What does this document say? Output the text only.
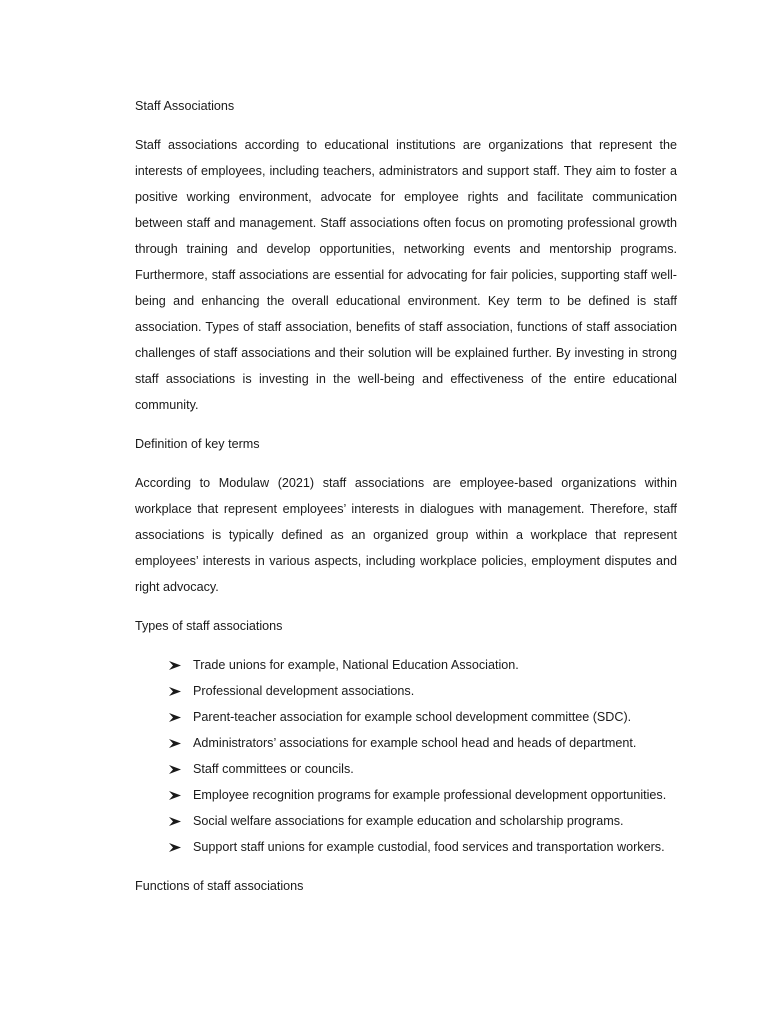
Staff Associations

Staff associations according to educational institutions are organizations that represent the interests of employees, including teachers, administrators and support staff. They aim to foster a positive working environment, advocate for employee rights and facilitate communication between staff and management. Staff associations often focus on promoting professional growth through training and develop opportunities, networking events and mentorship programs. Furthermore, staff associations are essential for advocating for fair policies, supporting staff well-being and enhancing the overall educational environment. Key term to be defined is staff association. Types of staff association, benefits of staff association, functions of staff association challenges of staff associations and their solution will be explained further. By investing in strong staff associations is investing in the well-being and effectiveness of the entire educational community.

Definition of key terms

According to Modulaw (2021) staff associations are employee-based organizations within workplace that represent employees’ interests in dialogues with management. Therefore, staff associations is typically defined as an organized group within a workplace that represent employees’ interests in various aspects, including workplace policies, employment disputes and right advocacy.

Types of staff associations

Trade unions for example, National Education Association.
Professional development associations.
Parent-teacher association for example school development committee (SDC).
Administrators’ associations for example school head and heads of department.
Staff committees or councils.
Employee recognition programs for example professional development opportunities.
Social welfare associations for example education and scholarship programs.
Support staff unions for example custodial, food services and transportation workers.

Functions of staff associations
